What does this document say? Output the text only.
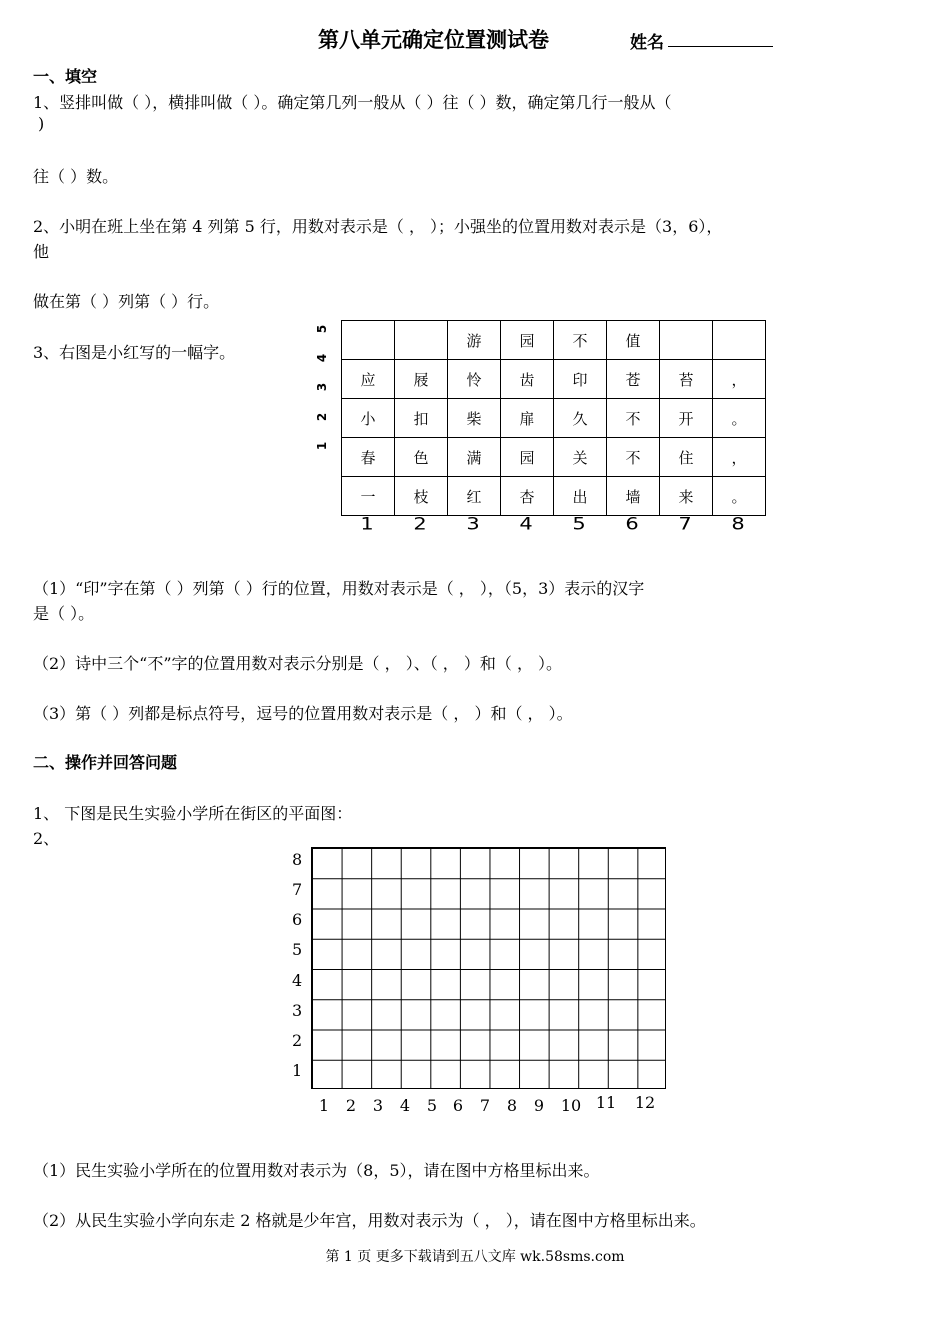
第八单元确定位置测试卷	姓名
一、填空
1、竖排叫做（ ），横排叫做（ ）。确定第几列一般从（ ）往（ ）数，确定第几行一般从（
)
往（ ）数。
2、小明在班上坐在第 4 列第 5 行，用数对表示是（ ， ）；小强坐的位置用数对表示是（3，6），
他
做在第（ ）列第（ ）行。
3、右图是小红写的一幅字。
5
4
3
2
1
		游	园	不	值		
应	屐	怜	齿	印	苍	苔	，
小	扣	柴	扉	久	不	开	。
春	色	满	园	关	不	住	，
一	枝	红	杏	出	墙	来	。
1	2	3	4	5	6	7	8
（1）“印”字在第（ ）列第（ ）行的位置，用数对表示是（ ， ），（5，3）表示的汉字
是（ ）。
（2）诗中三个“不”字的位置用数对表示分别是（ ， ）、（ ， ）和（ ， ）。
（3）第（ ）列都是标点符号，逗号的位置用数对表示是（ ， ）和（ ， ）。
二、操作并回答问题
1、 下图是民生实验小学所在街区的平面图：
2、
8
7
6
5
4
3
2
1
1	2	3	4	5 6	7	8	9	10 11 12
（1）民生实验小学所在的位置用数对表示为（8，5），请在图中方格里标出来。
（2）从民生实验小学向东走 2 格就是少年宫，用数对表示为（ ， ），请在图中方格里标出来。
第 1 页 更多下载请到五八文库 wk.58sms.com
